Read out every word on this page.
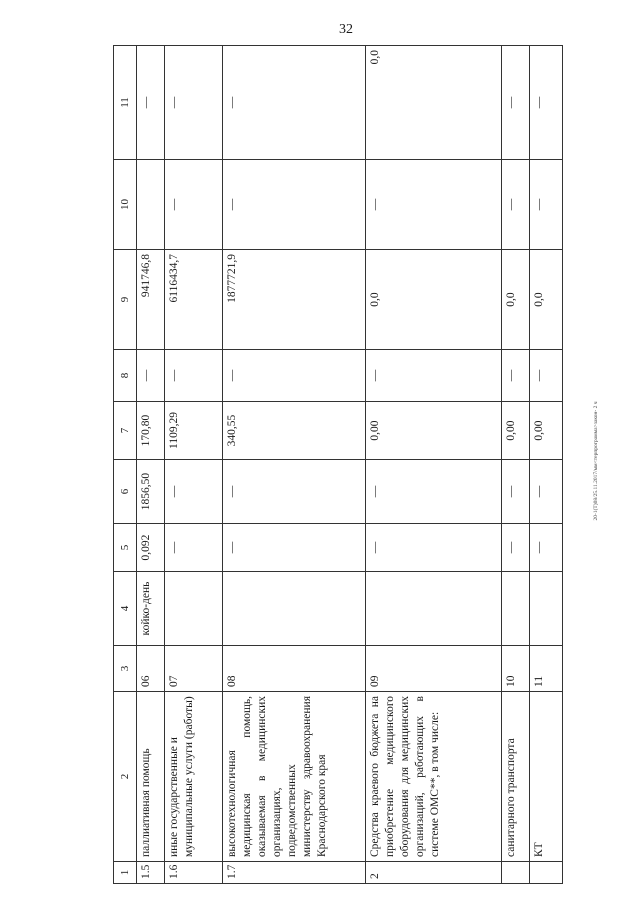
32
20-1(T)08/25.11.2017/мм<терпрограмма>закон- 2 ч
1	2	3	4	5	6	7	8	9	10	11
1.5	паллиативная помощь	06	койко-день	0,092	1856,50	170,80	—	941746,8		—
1.6	иные государственные и муниципальные услуги (работы)	07		—	—	1109,29	—	6116434,7	—	—
1.7	высокотехнологичная медицинская помощь, оказываемая в медицинских организациях, подведомственных министерству здравоохранения Краснодарского края	08		—	—	340,55	—	1877721,9	—	—
2	Средства краевого бюджета на приобретение медицинского оборудования для медицинских организаций, работающих в системе ОМС**, в том числе:	09		—	—	0,00	—	0,0	—	0,0
	санитарного транспорта	10		—	—	0,00	—	0,0	—	—
	КТ	11		—	—	0,00	—	0,0	—	—
